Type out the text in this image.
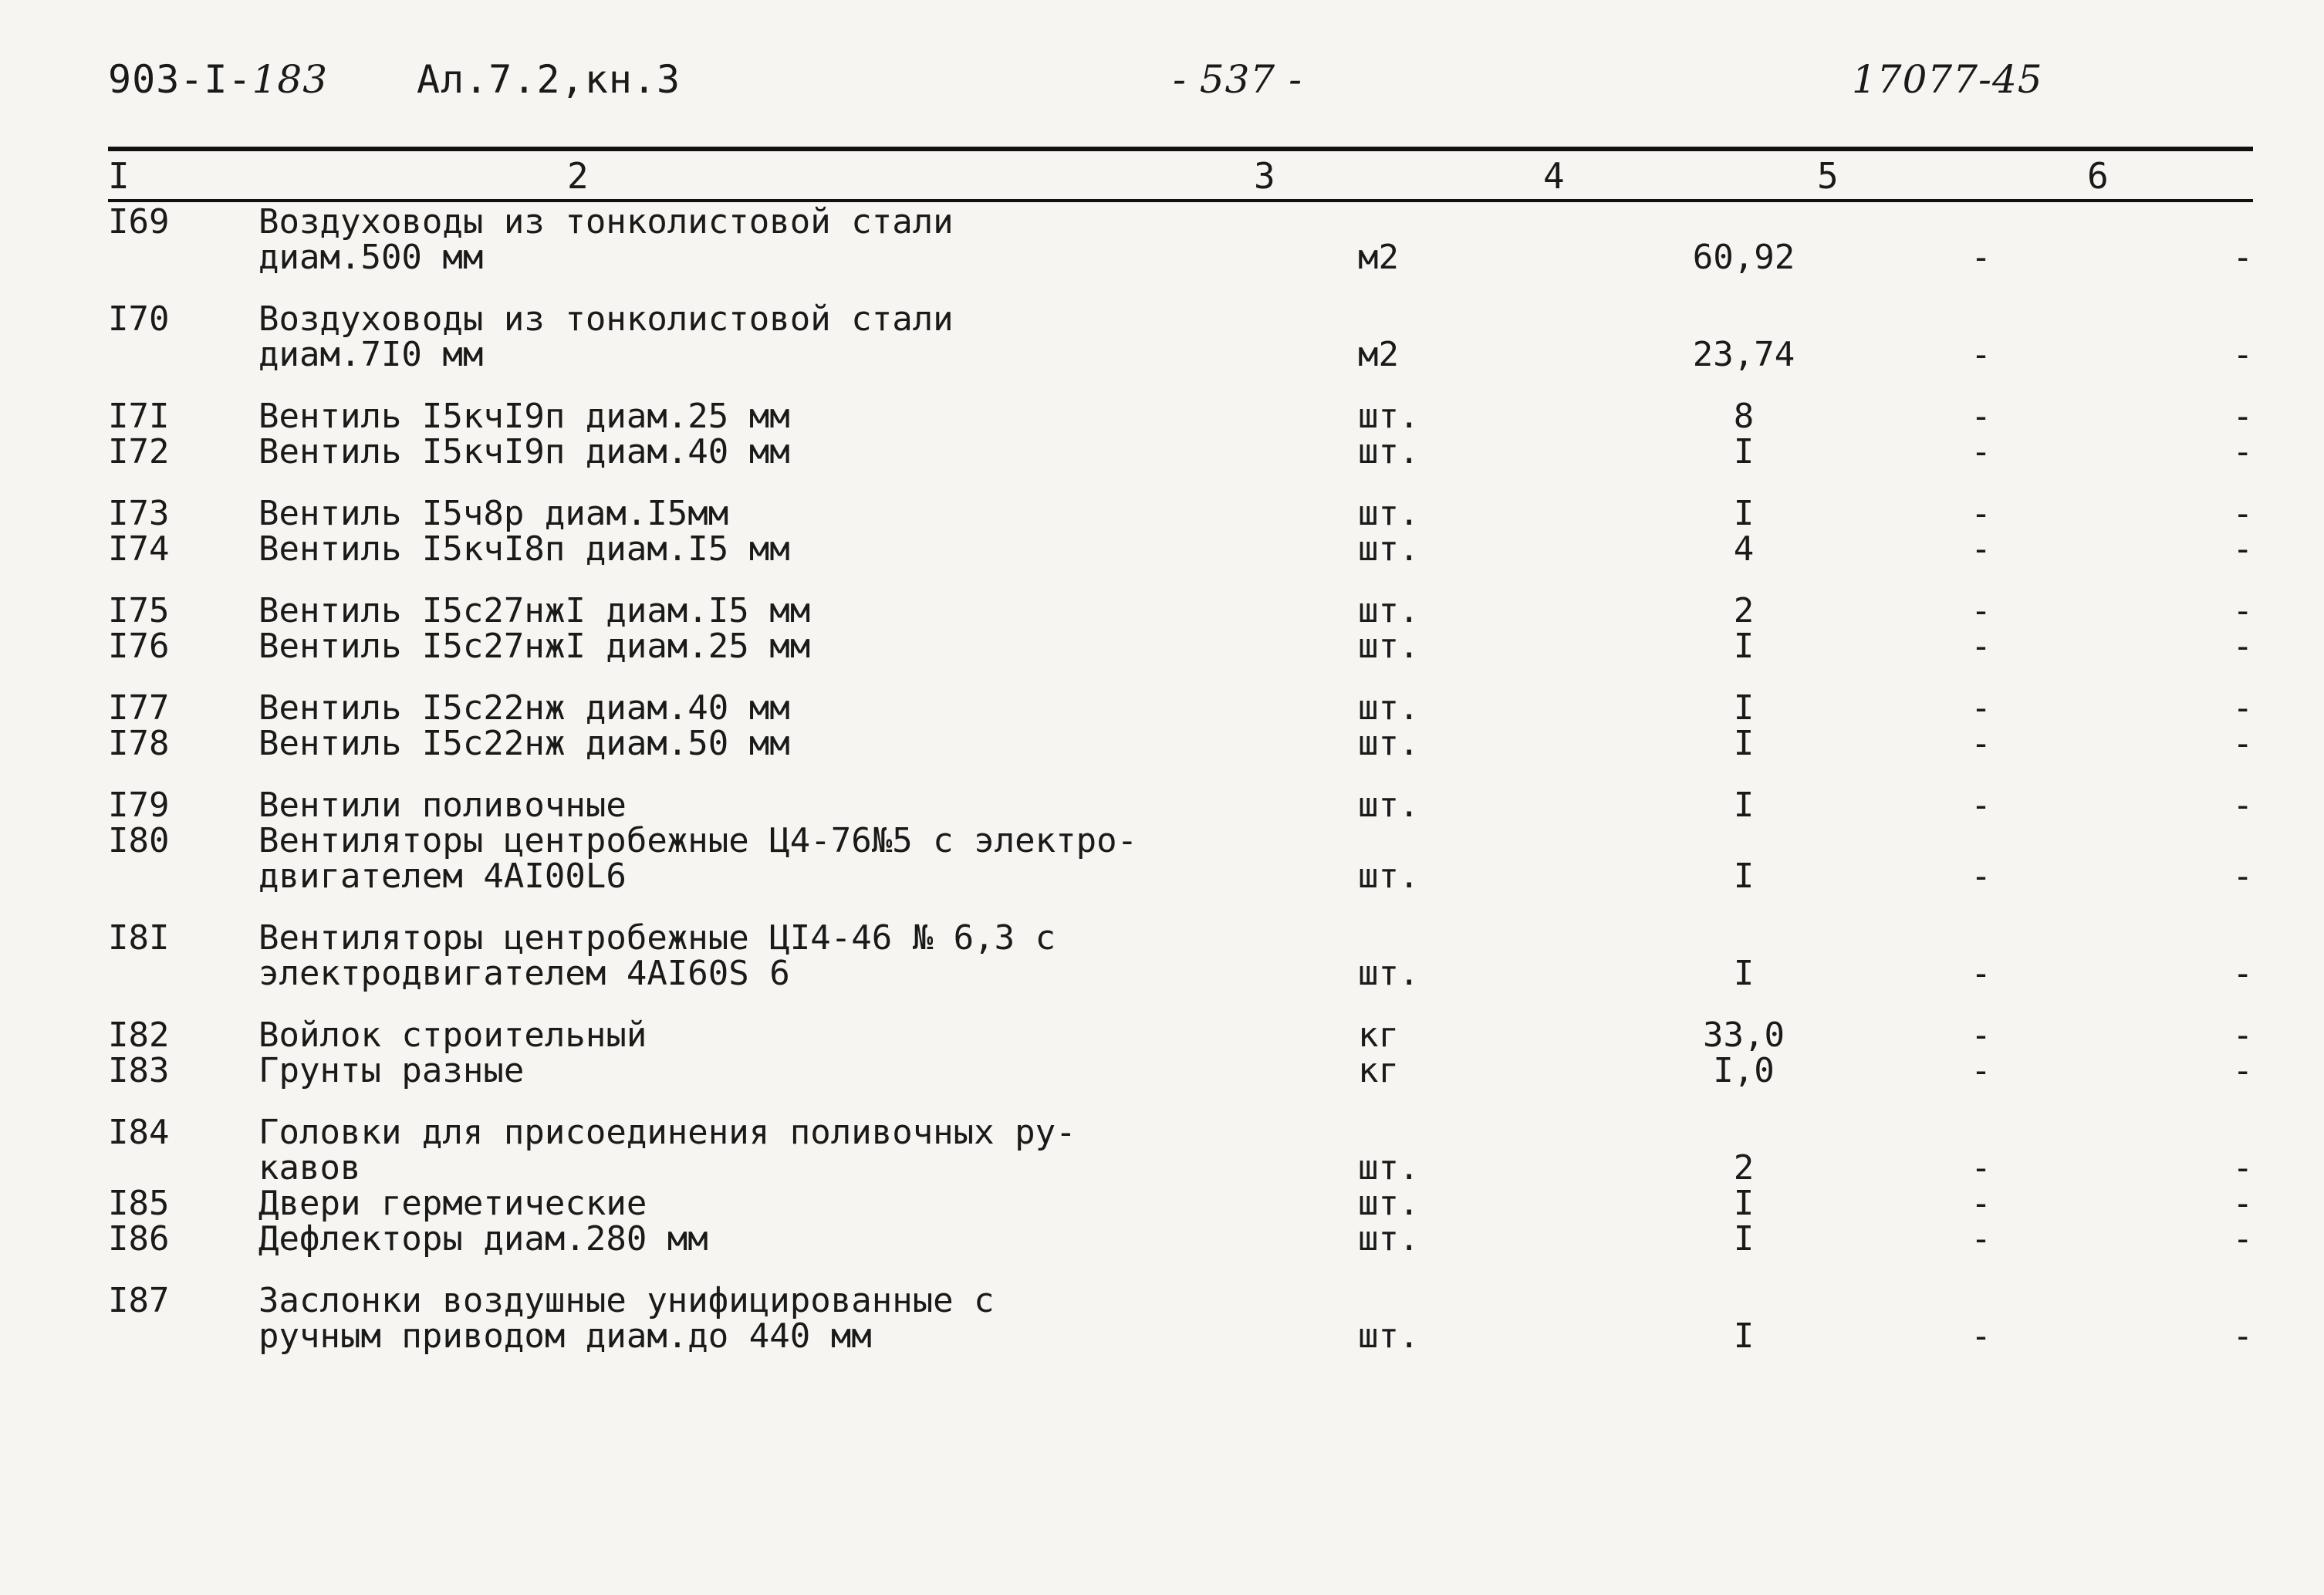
903-I-183 Ал.7.2,кн.3	- 537 -	17077-45
I	2	3	4	5	6
I69	Воздуховоды из тонколистовой стали
диам.500 мм	м2	60,92	-	-

I70	Воздуховоды из тонколистовой стали
диам.7I0 мм	м2	23,74	-	-

I7I	Вентиль I5кчI9п диам.25 мм	шт.	8	-	-
I72	Вентиль I5кчI9п диам.40 мм	шт.	I	-	-

I73	Вентиль I5ч8р диам.I5мм	шт.	I	-	-
I74	Вентиль I5кчI8п диам.I5 мм	шт.	4	-	-

I75	Вентиль I5с27нжI диам.I5 мм	шт.	2	-	-
I76	Вентиль I5с27нжI диам.25 мм	шт.	I	-	-

I77	Вентиль I5с22нж диам.40 мм	шт.	I	-	-
I78	Вентиль I5с22нж диам.50 мм	шт.	I	-	-

I79	Вентили поливочные	шт.	I	-	-
I80	Вентиляторы центробежные Ц4-76№5 с электро-
двигателем 4АI00L6	шт.	I	-	-

I8I	Вентиляторы центробежные ЦI4-46 № 6,3 с
электродвигателем 4АI60S 6	шт.	I	-	-

I82	Войлок строительный	кг	33,0	-	-
I83	Грунты разные	кг	I,0	-	-

I84	Головки для присоединения поливочных ру-
кавов	шт.	2	-	-
I85	Двери герметические	шт.	I	-	-
I86	Дефлекторы диам.280 мм	шт.	I	-	-

I87	Заслонки воздушные унифицированные с
ручным приводом диам.до 440 мм	шт.	I	-	-
